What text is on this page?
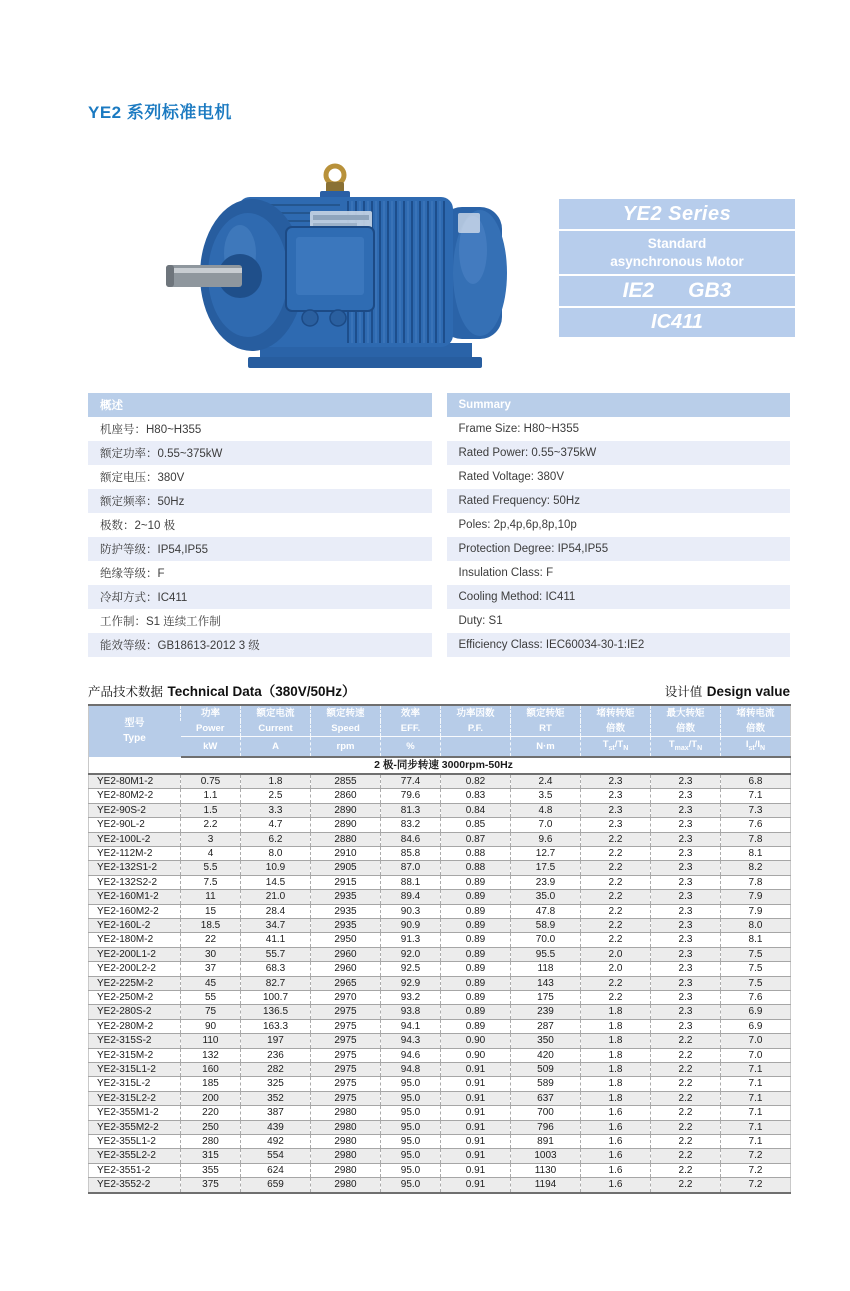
YE2 系列标准电机
YE2 Series
Standard
asynchronous Motor
IE2 GB3
IC411
概述	Summary
机座号：H80~H355	Frame Size: H80~H355
额定功率：0.55~375kW	Rated Power: 0.55~375kW
额定电压：380V	Rated Voltage: 380V
额定频率：50Hz	Rated Frequency: 50Hz
极数：2~10 极	Poles: 2p,4p,6p,8p,10p
防护等级：IP54,IP55	Protection Degree: IP54,IP55
绝缘等级：F	Insulation Class: F
冷却方式：IC411	Cooling Method: IC411
工作制：S1 连续工作制	Duty: S1
能效等级：GB18613-2012 3 级	Efficiency Class: IEC60034-30-1:IE2
产品技术数据 Technical Data（380V/50Hz）	设计值 Design value
型号
Type	功率	额定电流	额定转速	效率	功率因数	额定转矩	堵转转矩	最大转矩	堵转电流
	Power	Current	Speed	EFF.	P.F.	RT	倍数	倍数	倍数
	kW	A	rpm	%		N·m	$T_{st}/T_N$	$T_{max}/T_N$	$I_{st}/I_N$
2 极-同步转速 3000rpm-50Hz									
YE2-80M1-2	0.75	1.8	2855	77.4	0.82	2.4	2.3	2.3	6.8
YE2-80M2-2	1.1	2.5	2860	79.6	0.83	3.5	2.3	2.3	7.1
YE2-90S-2	1.5	3.3	2890	81.3	0.84	4.8	2.3	2.3	7.3
YE2-90L-2	2.2	4.7	2890	83.2	0.85	7.0	2.3	2.3	7.6
YE2-100L-2	3	6.2	2880	84.6	0.87	9.6	2.2	2.3	7.8
YE2-112M-2	4	8.0	2910	85.8	0.88	12.7	2.2	2.3	8.1
YE2-132S1-2	5.5	10.9	2905	87.0	0.88	17.5	2.2	2.3	8.2
YE2-132S2-2	7.5	14.5	2915	88.1	0.89	23.9	2.2	2.3	7.8
YE2-160M1-2	11	21.0	2935	89.4	0.89	35.0	2.2	2.3	7.9
YE2-160M2-2	15	28.4	2935	90.3	0.89	47.8	2.2	2.3	7.9
YE2-160L-2	18.5	34.7	2935	90.9	0.89	58.9	2.2	2.3	8.0
YE2-180M-2	22	41.1	2950	91.3	0.89	70.0	2.2	2.3	8.1
YE2-200L1-2	30	55.7	2960	92.0	0.89	95.5	2.0	2.3	7.5
YE2-200L2-2	37	68.3	2960	92.5	0.89	118	2.0	2.3	7.5
YE2-225M-2	45	82.7	2965	92.9	0.89	143	2.2	2.3	7.5
YE2-250M-2	55	100.7	2970	93.2	0.89	175	2.2	2.3	7.6
YE2-280S-2	75	136.5	2975	93.8	0.89	239	1.8	2.3	6.9
YE2-280M-2	90	163.3	2975	94.1	0.89	287	1.8	2.3	6.9
YE2-315S-2	110	197	2975	94.3	0.90	350	1.8	2.2	7.0
YE2-315M-2	132	236	2975	94.6	0.90	420	1.8	2.2	7.0
YE2-315L1-2	160	282	2975	94.8	0.91	509	1.8	2.2	7.1
YE2-315L-2	185	325	2975	95.0	0.91	589	1.8	2.2	7.1
YE2-315L2-2	200	352	2975	95.0	0.91	637	1.8	2.2	7.1
YE2-355M1-2	220	387	2980	95.0	0.91	700	1.6	2.2	7.1
YE2-355M2-2	250	439	2980	95.0	0.91	796	1.6	2.2	7.1
YE2-355L1-2	280	492	2980	95.0	0.91	891	1.6	2.2	7.1
YE2-355L2-2	315	554	2980	95.0	0.91	1003	1.6	2.2	7.2
YE2-3551-2	355	624	2980	95.0	0.91	1130	1.6	2.2	7.2
YE2-3552-2	375	659	2980	95.0	0.91	1194	1.6	2.2	7.2
